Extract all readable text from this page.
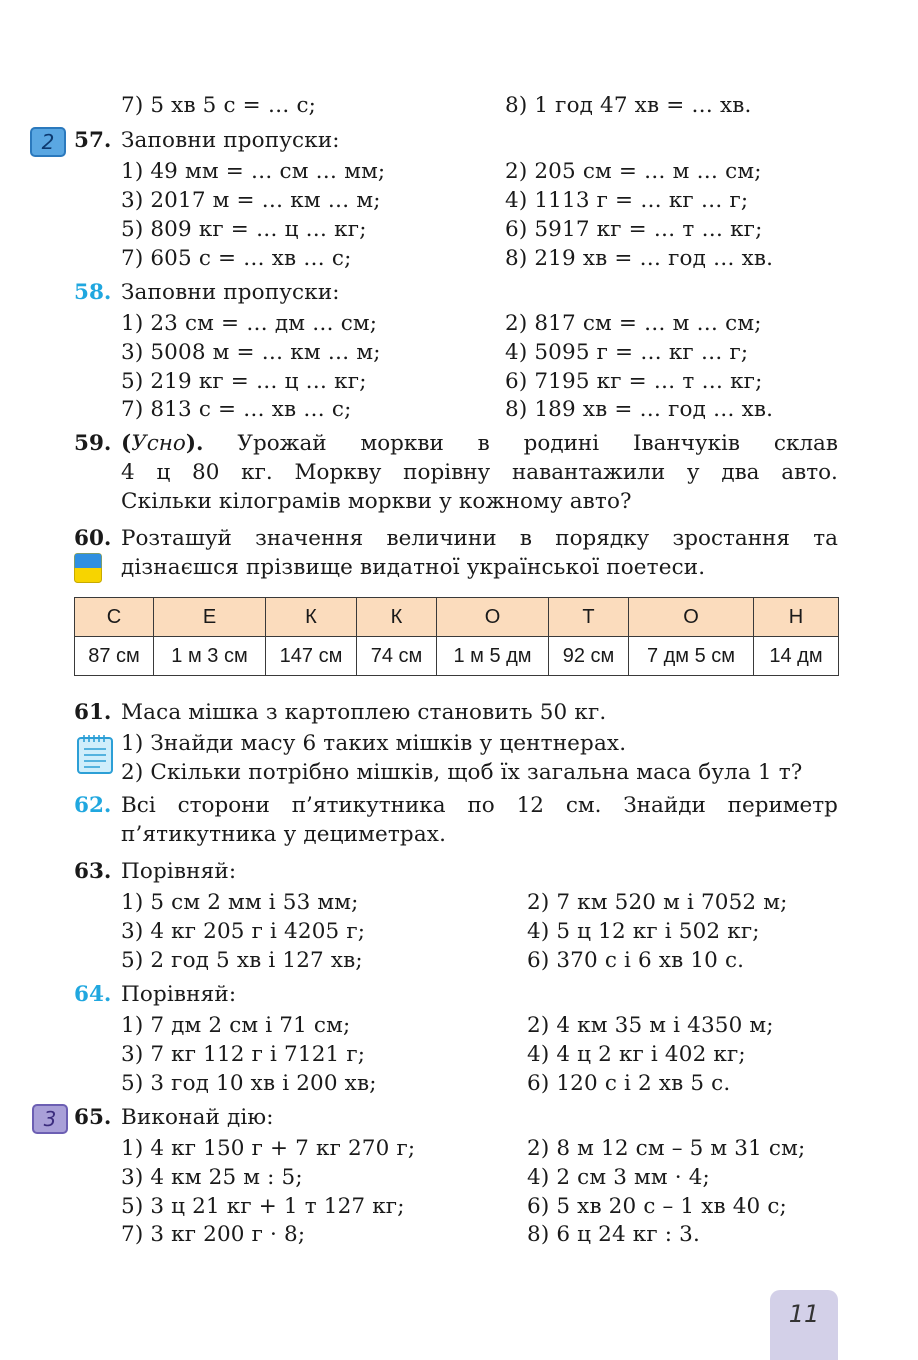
7) 5 хв 5 с = … с;	8) 1 год 47 хв = … хв.
2 57. Заповни пропуски:
1) 49 мм = … см … мм;	2) 205 см = … м … см;
3) 2017 м = … км … м;	4) 1113 г = … кг … г;
5) 809 кг = … ц … кг;	6) 5917 кг = … т … кг;
7) 605 с = … хв … с;	8) 219 хв = … год … хв.
58. Заповни пропуски:
1) 23 см = … дм … см;	2) 817 см = … м … см;
3) 5008 м = … км … м;	4) 5095 г = … кг … г;
5) 219 кг = … ц … кг;	6) 7195 кг = … т … кг;
7) 813 с = … хв … с;	8) 189 хв = … год … хв.
59. (Усно). Урожай моркви в родині Іванчуків склав
4 ц 80 кг. Моркву порівну навантажили у два авто.
Скільки кілограмів моркви у кожному авто?
60. Розташуй значення величини в порядку зростання та
дізнаєшся прізвище видатної української поетеси.
С	Е	К	К	О	Т	О	Н
87 см	1 м 3 см	147 см	74 см	1 м 5 дм	92 см	7 дм 5 см	14 дм
61. Маса мішка з картоплею становить 50 кг.
1) Знайди масу 6 таких мішків у центнерах.
2) Скільки потрібно мішків, щоб їх загальна маса була 1 т?
62. Всі сторони п’ятикутника по 12 см. Знайди периметр
п’ятикутника у дециметрах.
63. Порівняй:
1) 5 см 2 мм і 53 мм;	2) 7 км 520 м і 7052 м;
3) 4 кг 205 г і 4205 г;	4) 5 ц 12 кг і 502 кг;
5) 2 год 5 хв і 127 хв;	6) 370 с і 6 хв 10 с.
64. Порівняй:
1) 7 дм 2 см і 71 см;	2) 4 км 35 м і 4350 м;
3) 7 кг 112 г і 7121 г;	4) 4 ц 2 кг і 402 кг;
5) 3 год 10 хв і 200 хв;	6) 120 с і 2 хв 5 с.
3 65. Виконай дію:
1) 4 кг 150 г + 7 кг 270 г;	2) 8 м 12 см – 5 м 31 см;
3) 4 км 25 м : 5;	4) 2 см 3 мм · 4;
5) 3 ц 21 кг + 1 т 127 кг;	6) 5 хв 20 с – 1 хв 40 с;
7) 3 кг 200 г · 8;	8) 6 ц 24 кг : 3.
11
